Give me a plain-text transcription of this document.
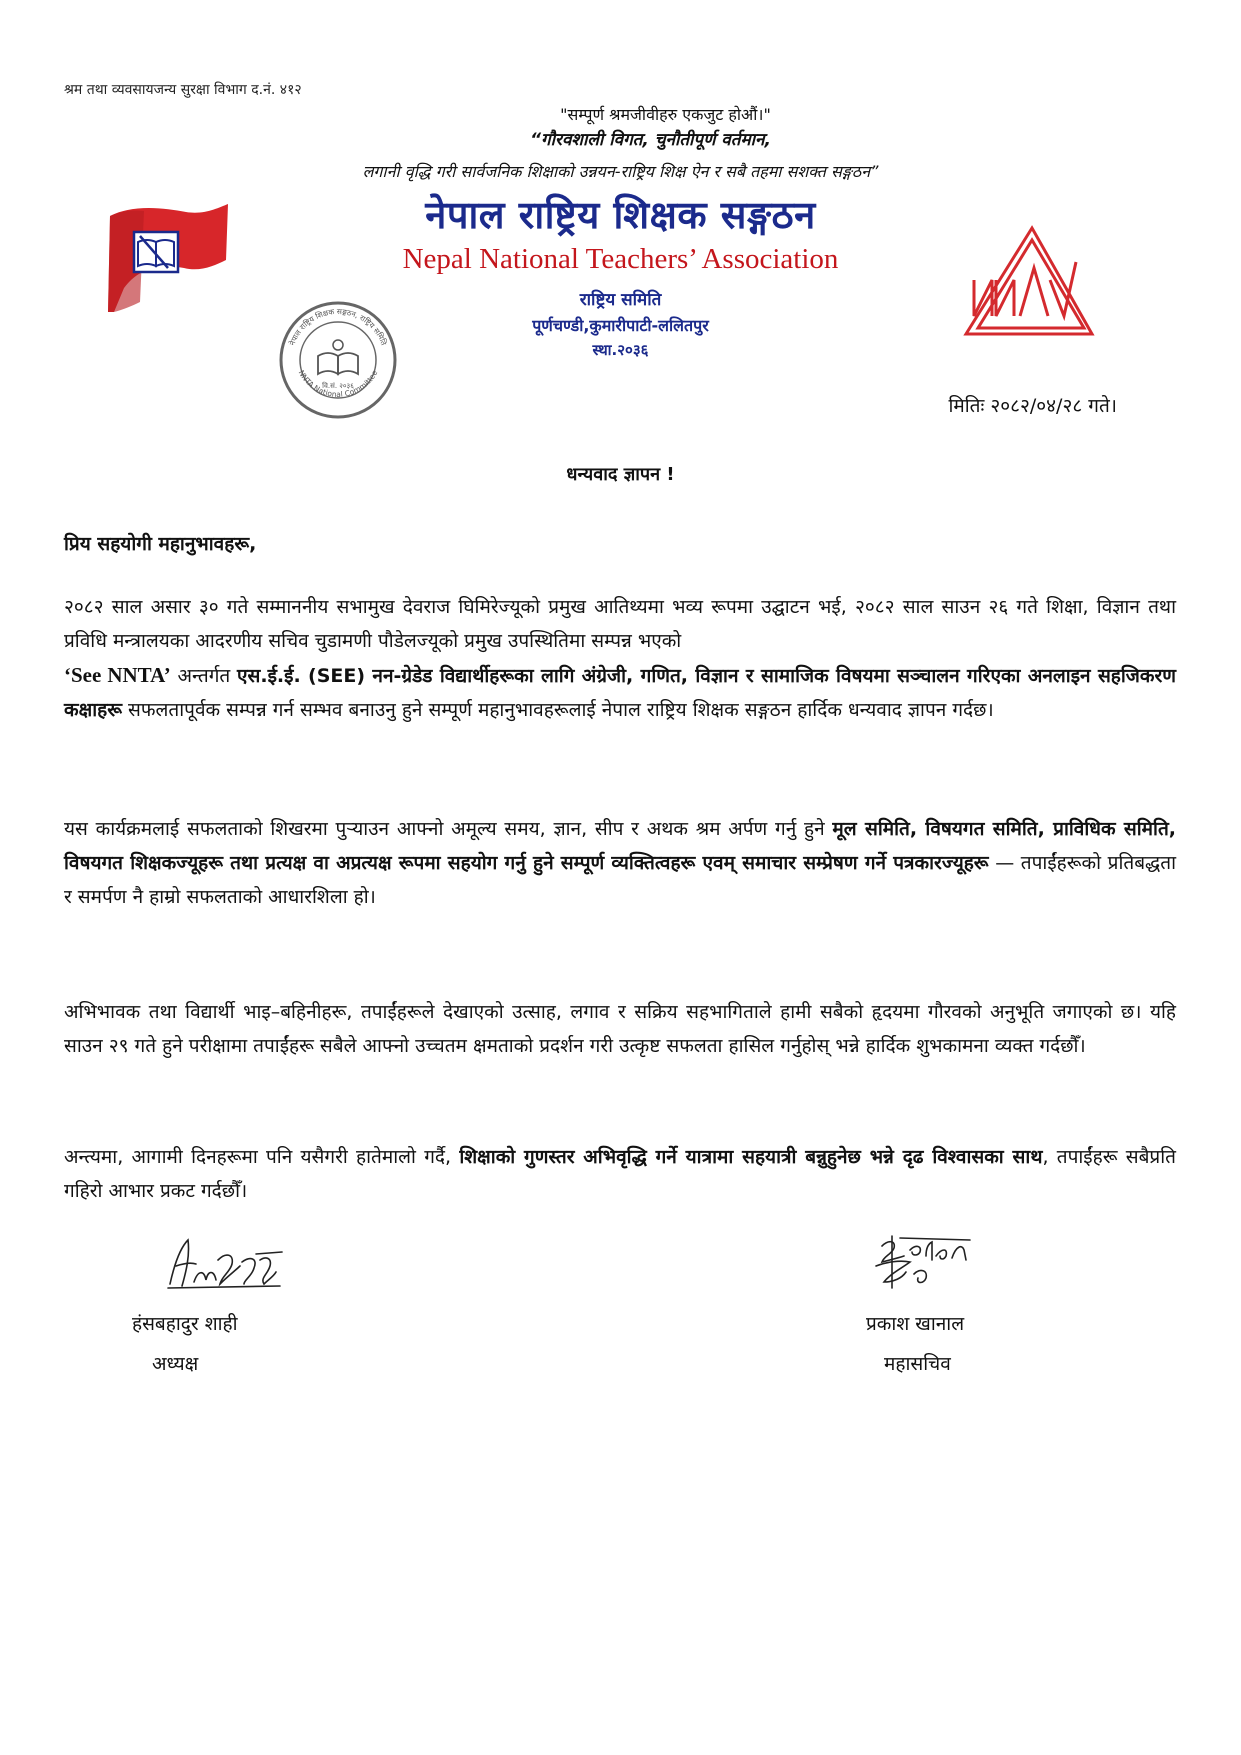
श्रम तथा व्यवसायजन्य सुरक्षा विभाग द.नं. ४१२
"सम्पूर्ण श्रमजीवीहरु एकजुट होऔं।"
“गौरवशाली विगत, चुनौतीपूर्ण वर्तमान,
लगानी वृद्धि गरी सार्वजनिक शिक्षाको उन्नयन-राष्ट्रिय शिक्ष ऐन र सबै तहमा सशक्त सङ्गठन”
नेपाल राष्ट्रिय शिक्षक सङ्गठन
Nepal National Teachers’ Association
राष्ट्रिय समिति
पूर्णचण्डी,कुमारीपाटी-ललितपुर
स्था.२०३६
वि.सं. २०३६
नेपाल राष्ट्रिय शिक्षक सङ्गठन, राष्ट्रिय समिति
NNTA National Committee
मितिः २०८२/०४/२८ गते।
धन्यवाद ज्ञापन !
प्रिय सहयोगी महानुभावहरू,

२०८२ साल असार ३० गते सम्माननीय सभामुख देवराज घिमिरेज्यूको प्रमुख आतिथ्यमा भव्य रूपमा उद्घाटन भई, २०८२ साल साउन २६ गते शिक्षा, विज्ञान तथा प्रविधि मन्त्रालयका आदरणीय सचिव चुडामणी पौडेलज्यूको प्रमुख उपस्थितिमा सम्पन्न भएको
‘See NNTA’ अन्तर्गत एस.ई.ई. (SEE) नन-ग्रेडेड विद्यार्थीहरूका लागि अंग्रेजी, गणित, विज्ञान र सामाजिक विषयमा सञ्चालन गरिएका अनलाइन सहजिकरण कक्षाहरू सफलतापूर्वक सम्पन्न गर्न सम्भव बनाउनु हुने सम्पूर्ण महानुभावहरूलाई नेपाल राष्ट्रिय शिक्षक सङ्गठन हार्दिक धन्यवाद ज्ञापन गर्दछ।

यस कार्यक्रमलाई सफलताको शिखरमा पुर्‍याउन आफ्नो अमूल्य समय, ज्ञान, सीप र अथक श्रम अर्पण गर्नु हुने मूल समिति, विषयगत समिति, प्राविधिक समिति, विषयगत शिक्षकज्यूहरू तथा प्रत्यक्ष वा अप्रत्यक्ष रूपमा सहयोग गर्नु हुने सम्पूर्ण व्यक्तित्वहरू एवम् समाचार सम्प्रेषण गर्ने पत्रकारज्यूहरू — तपाईंहरूको प्रतिबद्धता र समर्पण नै हाम्रो सफलताको आधारशिला हो।

अभिभावक तथा विद्यार्थी भाइ–बहिनीहरू, तपाईंहरूले देखाएको उत्साह, लगाव र सक्रिय सहभागिताले हामी सबैको हृदयमा गौरवको अनुभूति जगाएको छ। यहि साउन २९ गते हुने परीक्षामा तपाईंहरू सबैले आफ्नो उच्चतम क्षमताको प्रदर्शन गरी उत्कृष्ट सफलता हासिल गर्नुहोस् भन्ने हार्दिक शुभकामना व्यक्त गर्दछौँ।

अन्त्यमा, आगामी दिनहरूमा पनि यसैगरी हातेमालो गर्दै, शिक्षाको गुणस्तर अभिवृद्धि गर्ने यात्रामा सहयात्री बन्नुहुनेछ भन्ने दृढ विश्वासका साथ, तपाईंहरू सबैप्रति गहिरो आभार प्रकट गर्दछौँ।

हंसबहादुर शाही
अध्यक्ष
प्रकाश खानाल
महासचिव
